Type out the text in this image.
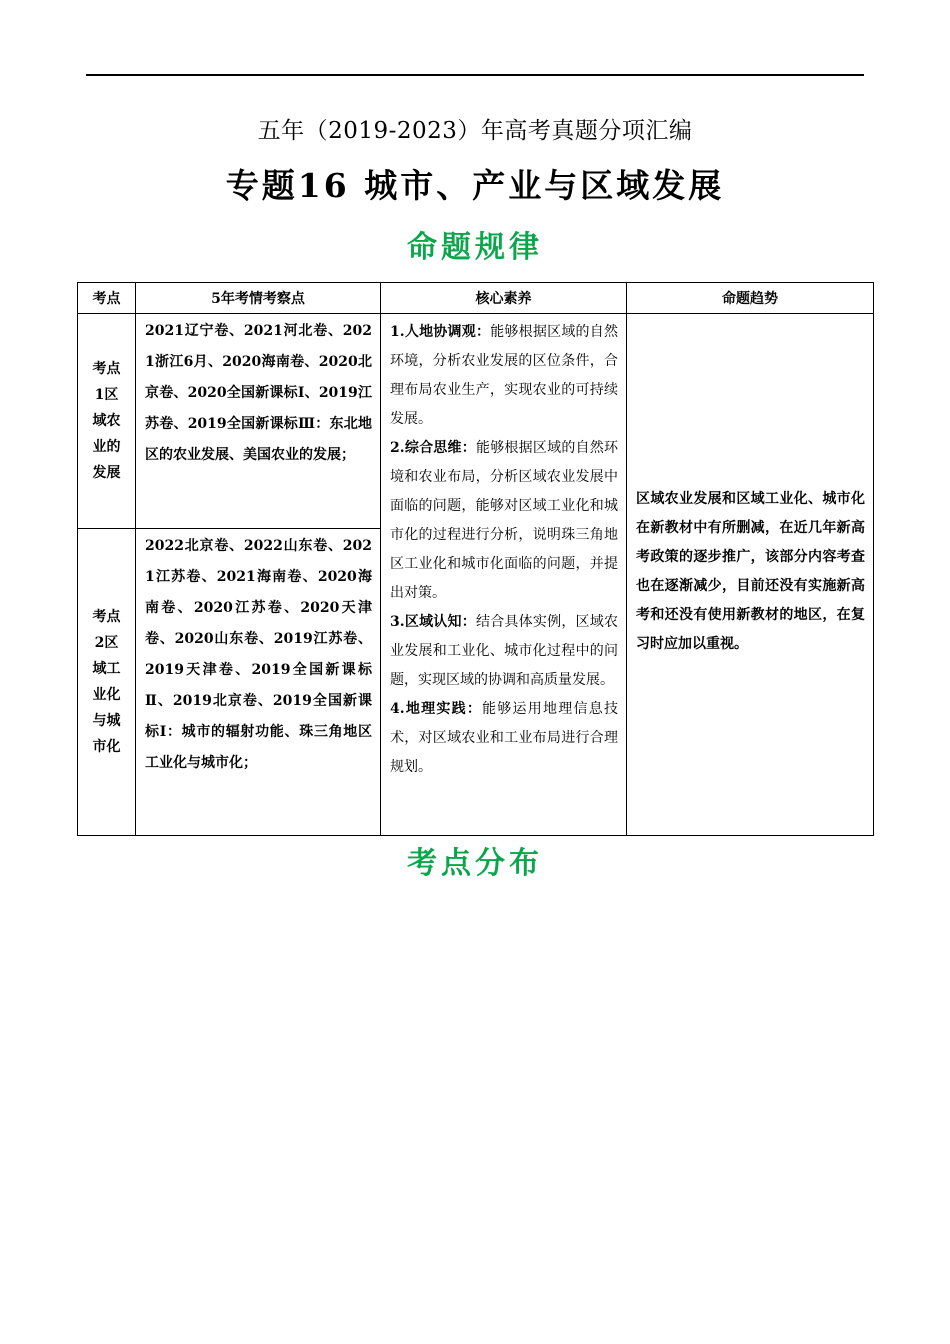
五年（2019-2023）年高考真题分项汇编
专题16 城市、产业与区域发展
命题规律
考点	5年考情考察点	核心素养	命题趋势

考点1区域农业的发展	2021辽宁卷、2021河北卷、2021浙江6月、2020海南卷、2020北京卷、2020全国新课标Ⅰ、2019江苏卷、2019全国新课标Ⅲ：东北地区的农业发展、美国农业的发展；	1.人地协调观：能够根据区域的自然环境，分析农业发展的区位条件，合理布局农业生产，实现农业的可持续发展。
2.综合思维：能够根据区域的自然环境和农业布局，分析区域农业发展中面临的问题，能够对区域工业化和城市化的过程进行分析，说明珠三角地区工业化和城市化面临的问题，并提出对策。
3.区域认知：结合具体实例，区域农业发展和工业化、城市化过程中的问题，实现区域的协调和高质量发展。
4.地理实践：能够运用地理信息技术，对区域农业和工业布局进行合理规划。	区域农业发展和区域工业化、城市化在新教材中有所删减，在近几年新高考政策的逐步推广，该部分内容考查也在逐渐减少，目前还没有实施新高考和还没有使用新教材的地区，在复习时应加以重视。

考点2区域工业化与城市化	2022北京卷、2022山东卷、2021江苏卷、2021海南卷、2020海南卷、2020江苏卷、2020天津卷、2020山东卷、2019江苏卷、2019天津卷、2019全国新课标Ⅱ、2019北京卷、2019全国新课标Ⅰ：城市的辐射功能、珠三角地区工业化与城市化；		
考点分布
